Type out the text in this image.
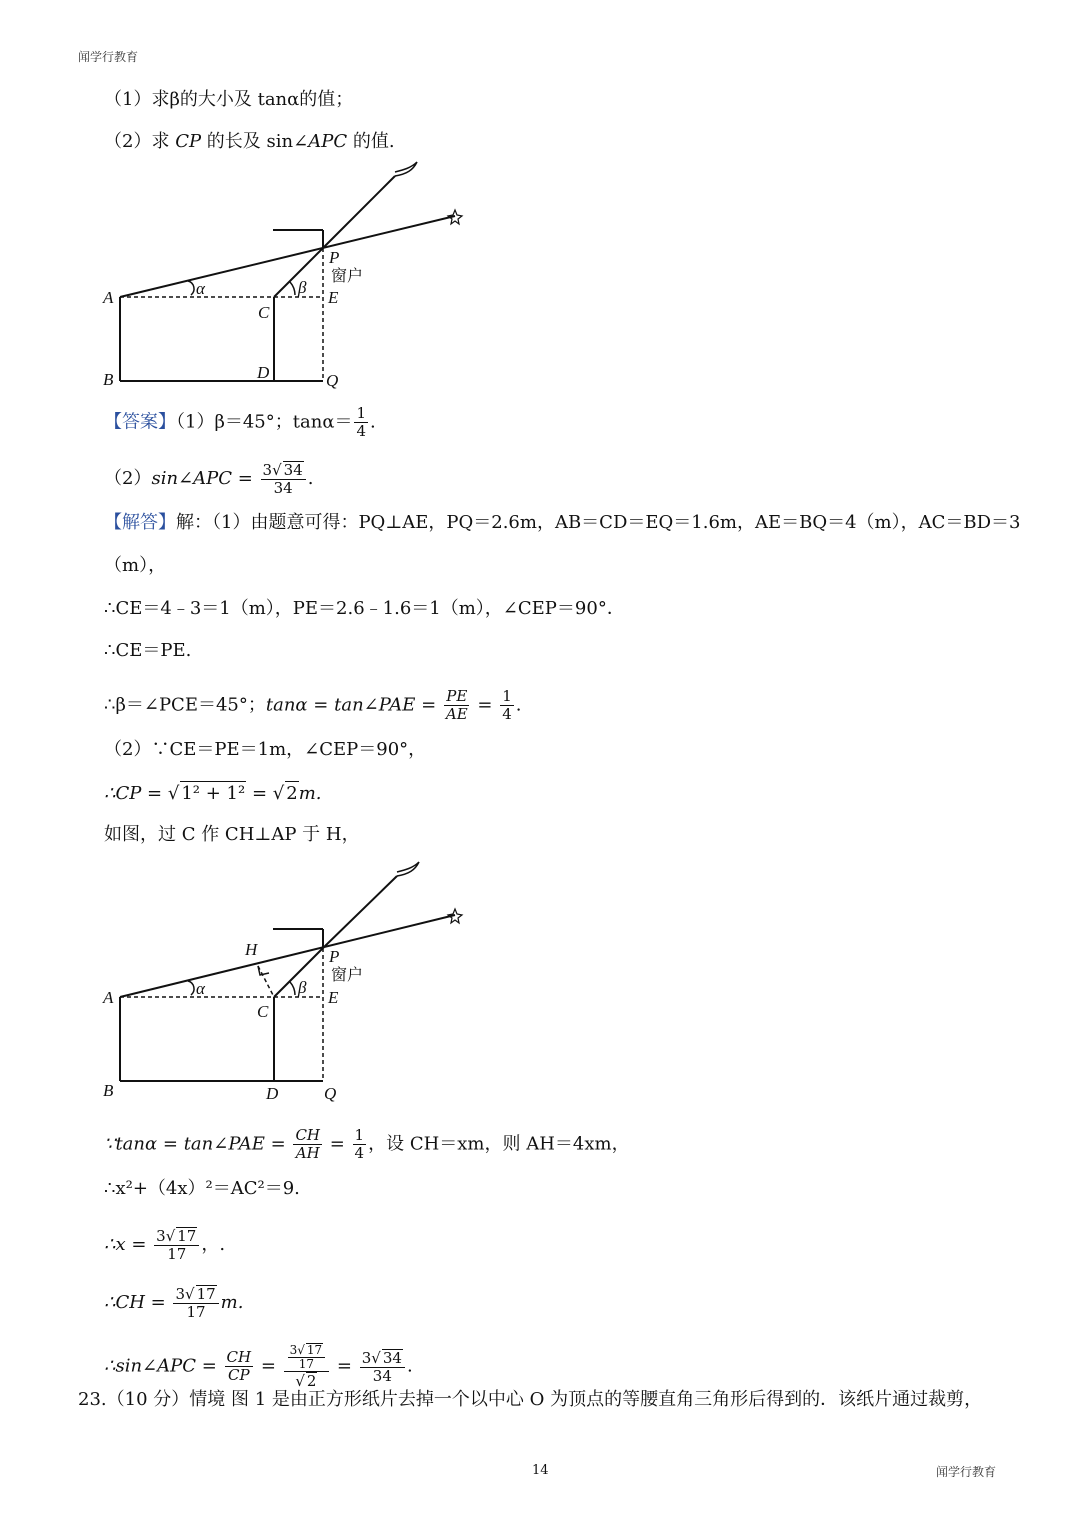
闻学行教育
（1）求β的大小及 tanα的值；
（2）求 CP 的长及 sin∠APC 的值.
A
B
C
D
E
P
Q
α	β
窗户
【答案】（1）β＝45°；$\tan\alpha= \frac{1}{4}$ .
（2）sin∠APC = $\frac{3√ 34}{34}$ .
【解答】解：（1）由题意可得：PQ⊥AE，PQ＝2.6m，AB＝CD＝EQ＝1.6m，AE＝BQ＝4（m），AC＝BD＝3
（m），
∴CE＝4﹣3＝1（m），PE＝2.6﹣1.6＝1（m），∠CEP＝90°．
∴CE＝PE.
∴β＝∠PCE＝45°；tanα = tan∠PAE = $\frac{PE}{AE} = \frac{1}{4}$ .
（2）∵CE＝PE＝1m，∠CEP＝90°，
∴CP = √ 1² + 1² = √ 2m.
如图，过 C 作 CH⊥AP 于 H，
A
B
C
D
E
H	P
Q
α	β
窗户
∵tanα = tan∠PAE = $\frac{CH}{AH} = \frac{1}{4}$ ，设 CH＝xm，则 AH＝4xm，
∴x²+（4x）²＝AC²＝9.
∴x = $\frac{3√ 17}{17}$ ，.
∴CH = $\frac{3√ 17}{17} m$.
∴sin∠APC = $\frac{CH}{CP} = \frac{\frac{3√ 17}{17}}{√ 2} = \frac{3√ 34}{34}$ .
23.（10 分）情境 图 1 是由正方形纸片去掉一个以中心 O 为顶点的等腰直角三角形后得到的．该纸片通过裁剪，
14	闻学行教育
